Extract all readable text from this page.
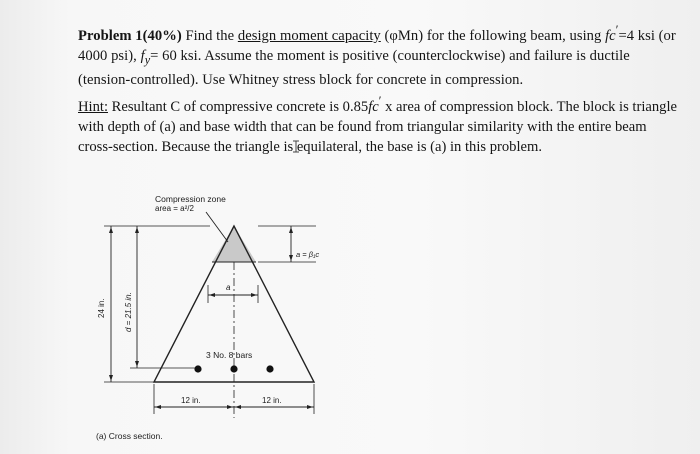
Problem 1(40%) Find the design moment capacity (φMn) for the following beam, using fc′=4 ksi (or 4000 psi), $f_y= 60$ ksi. Assume the moment is positive (counterclockwise) and failure is ductile (tension-controlled). Use Whitney stress block for concrete in compression.
Hint: Resultant C of compressive concrete is 0.85fc′ x area of compression block. The block is triangle with depth of (a) and base width that can be found from triangular similarity with the entire beam cross-section. Because the triangle is equilateral, the base is (a) in this problem.
Compression zone
area = a²/2
a = β₁c
a
24 in. d = 21.5 in.
3 No. 8 bars
12 in.	12 in.
(a) Cross section.
